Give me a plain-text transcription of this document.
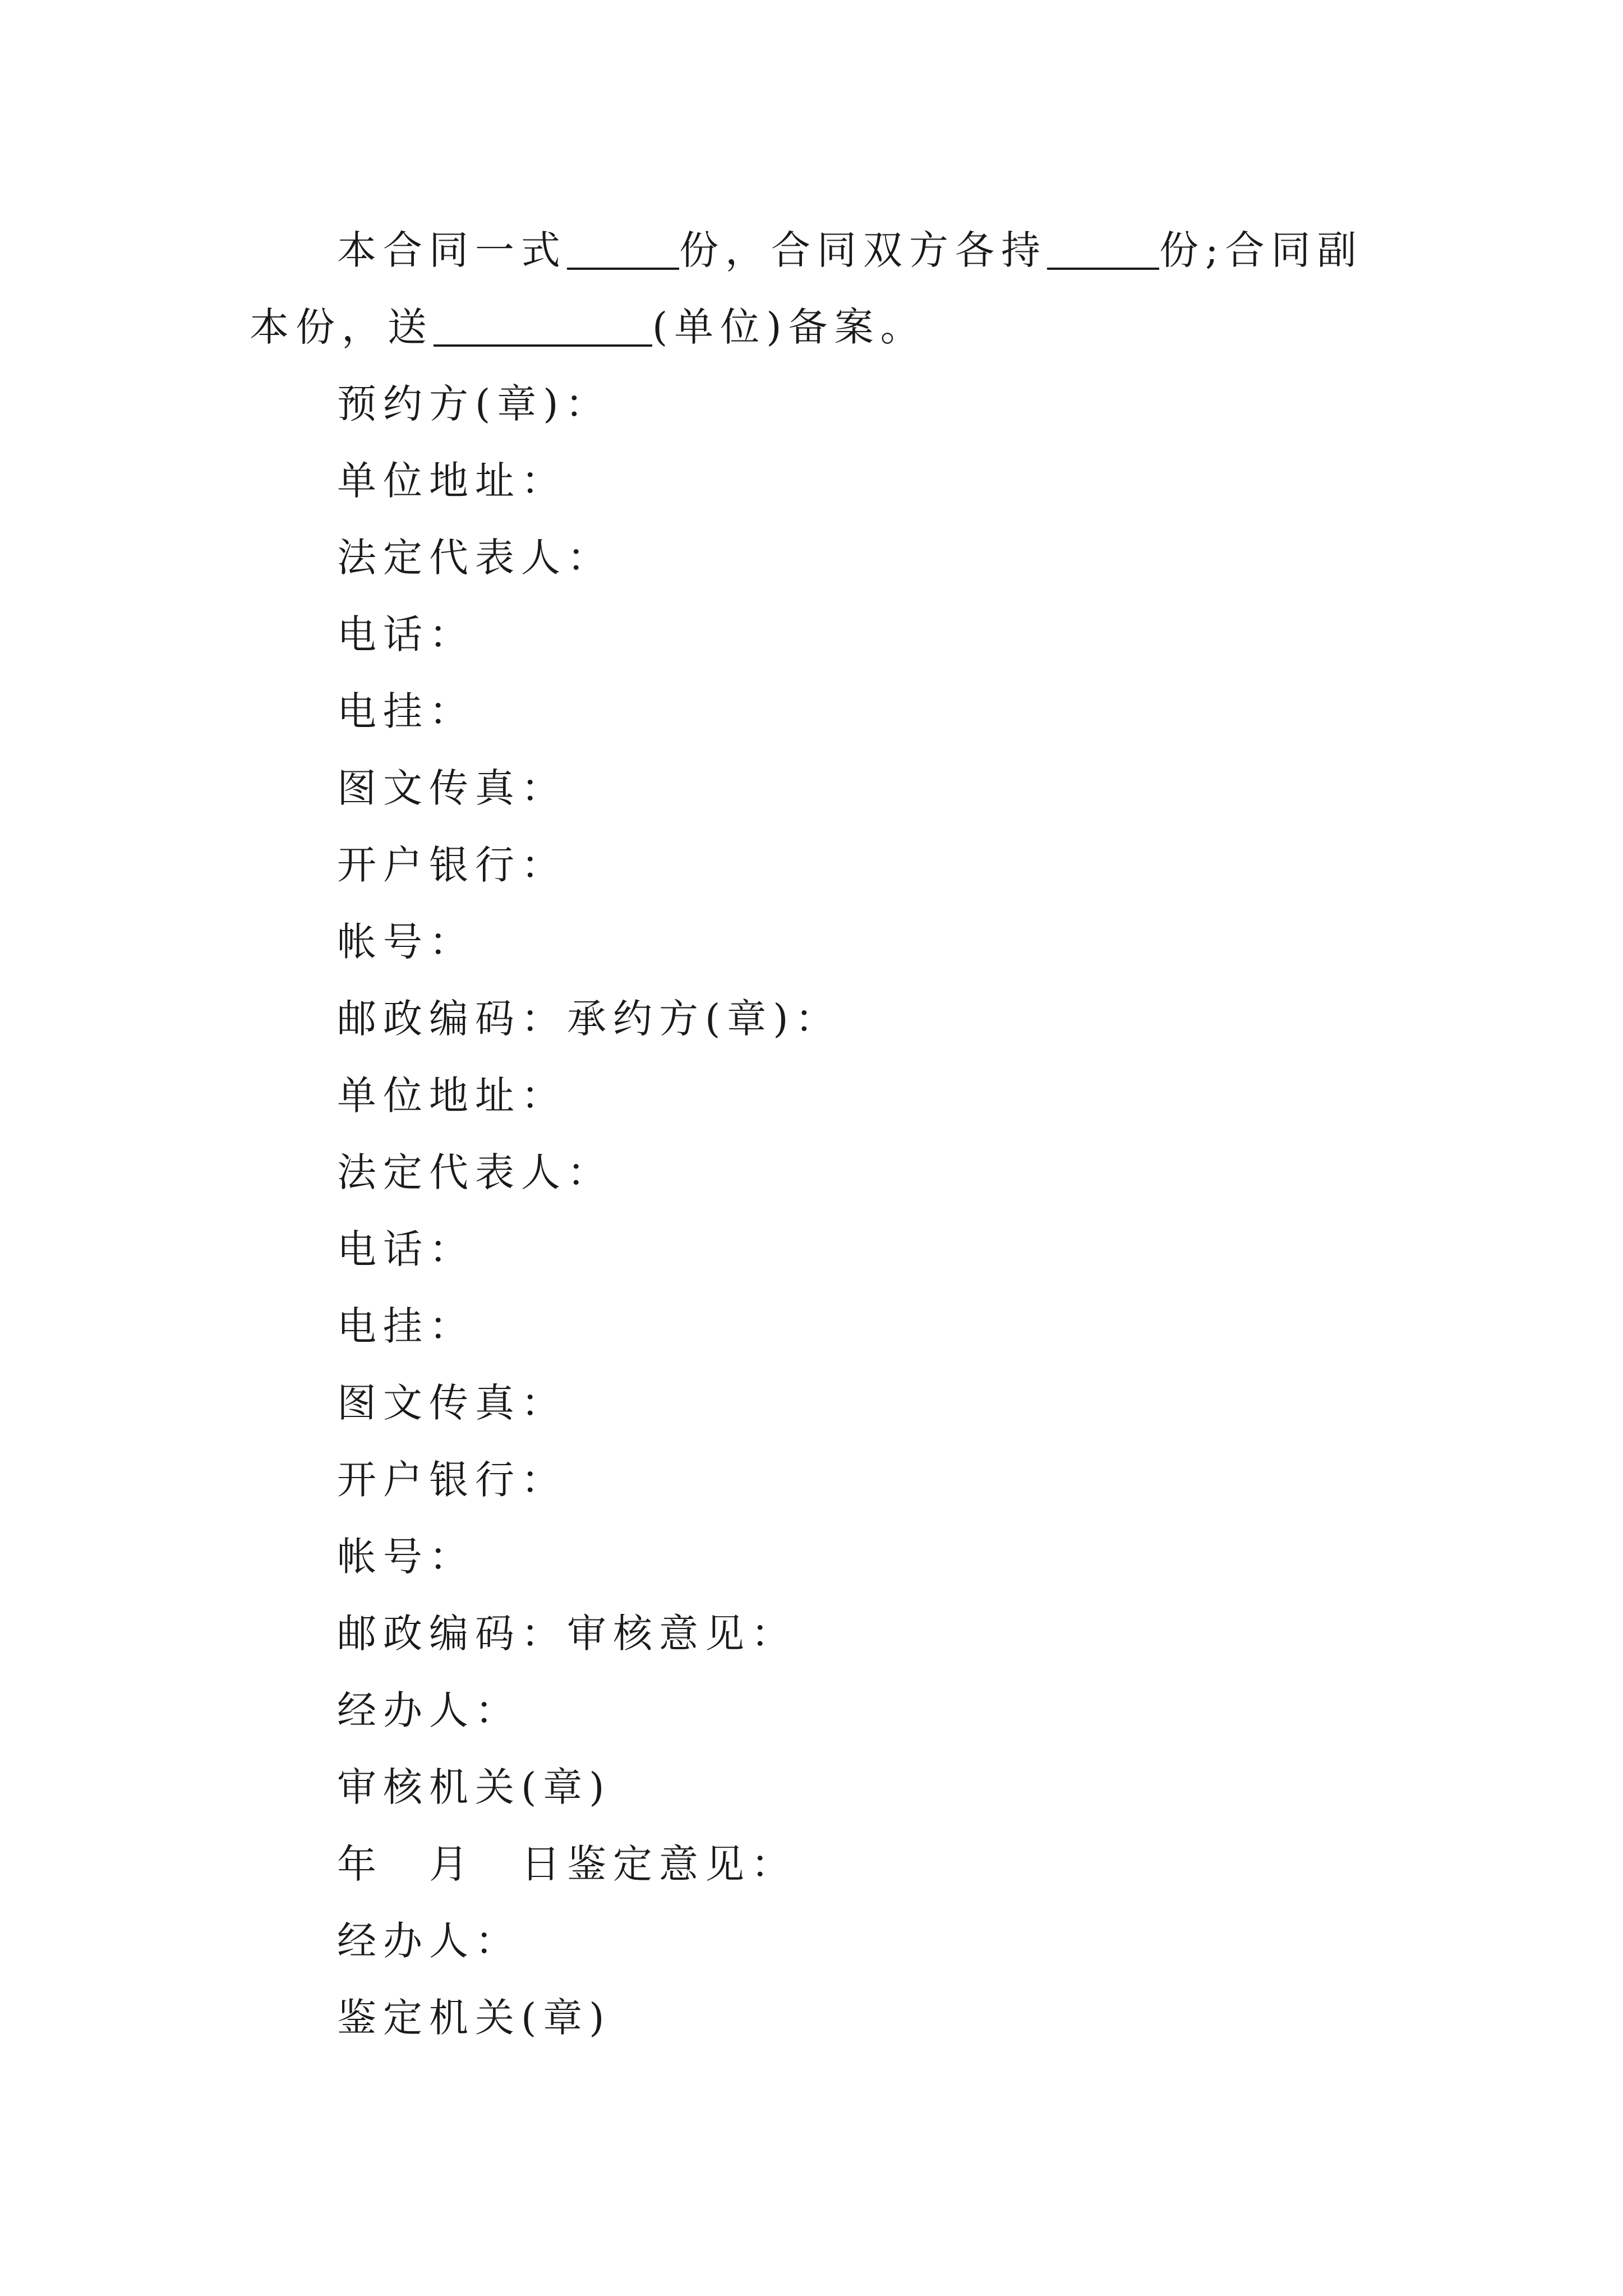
本合同一式	份，合同双方各持	份;合同副本份，送	(单位)备案。

预约方(章)：
单位地址：
法定代表人：
电话：
电挂：
图文传真：
开户银行：
帐号：
邮政编码：承约方(章)：
单位地址：
法定代表人：
电话：
电挂：
图文传真：
开户银行：
帐号：
邮政编码：审核意见：
经办人：
审核机关(章)
年　月　日鉴定意见：
经办人：
鉴定机关(章)
